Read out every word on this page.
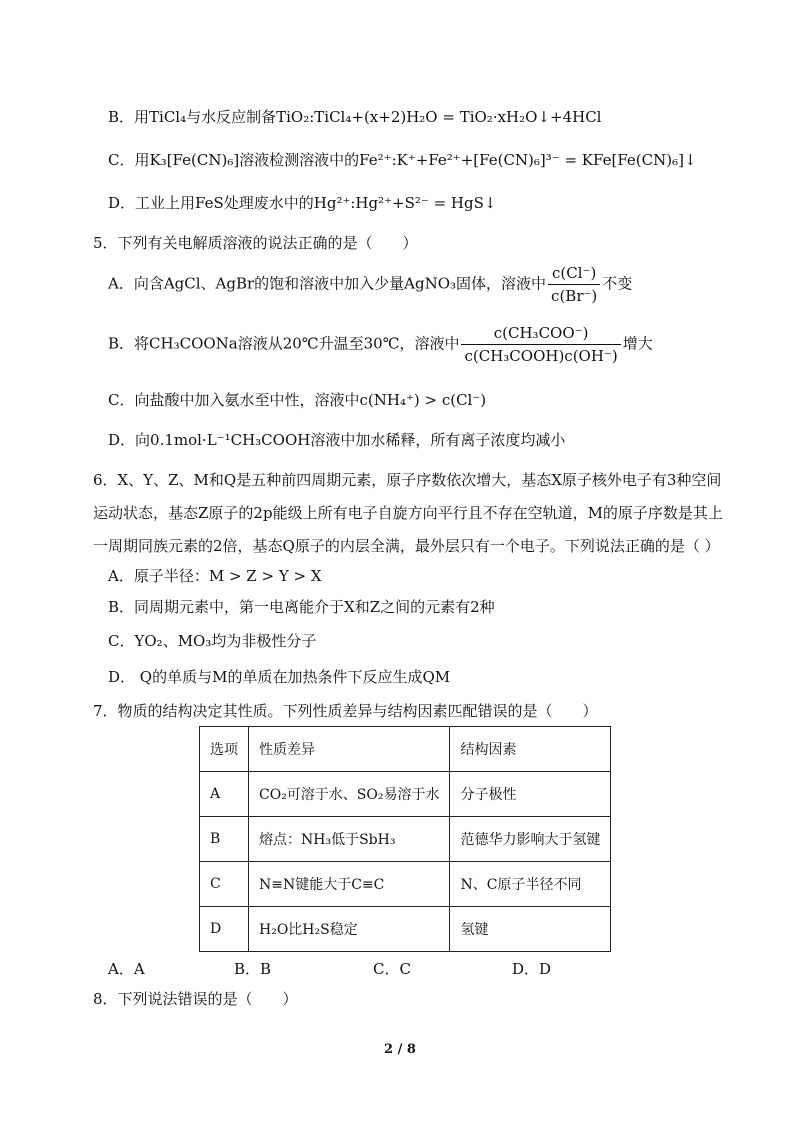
B．用TiCl₄与水反应制备TiO₂:TiCl₄+(x+2)H₂O = TiO₂·xH₂O↓+4HCl
C．用K₃[Fe(CN)₆]溶液检测溶液中的Fe²⁺:K⁺+Fe²⁺+[Fe(CN)₆]³⁻ = KFe[Fe(CN)₆]↓
D．工业上用FeS处理废水中的Hg²⁺:Hg²⁺+S²⁻ = HgS↓
5．下列有关电解质溶液的说法正确的是（　　）
A．向含AgCl、AgBr的饱和溶液中加入少量AgNO₃固体，溶液中 $\frac{c(Cl^-)}{c(Br^-)}$ 不变
B．将CH₃COONa溶液从20℃升温至30℃，溶液中 $\frac{\text{c(CH₃COO⁻)}}{\text{c(CH₃COOH)c(OH⁻)}}$ 增大
C．向盐酸中加入氨水至中性，溶液中c(NH₄⁺) > c(Cl⁻)
D．向0.1mol·L⁻¹CH₃COOH溶液中加水稀释，所有离子浓度均减小
6．X、Y、Z、M和Q是五种前四周期元素，原子序数依次增大，基态X原子核外电子有3种空间
运动状态，基态Z原子的2p能级上所有电子自旋方向平行且不存在空轨道，M的原子序数是其上
一周期同族元素的2倍，基态Q原子的内层全满，最外层只有一个电子。下列说法正确的是（ ）
A．原子半径：M > Z > Y > X
B．同周期元素中，第一电离能介于X和Z之间的元素有2种
C．YO₂、MO₃均为非极性分子
D． Q的单质与M的单质在加热条件下反应生成QM
7．物质的结构决定其性质。下列性质差异与结构因素匹配错误的是（　　）
选项	性质差异	结构因素
A	CO₂可溶于水、SO₂易溶于水	分子极性
B	熔点：NH₃低于SbH₃	范德华力影响大于氢键
C	N≡N键能大于C≡C	N、C原子半径不同
D	H₂O比H₂S稳定	氢键
A．A	B．B	C．C	D．D
8．下列说法错误的是（　　）
2 / 8
